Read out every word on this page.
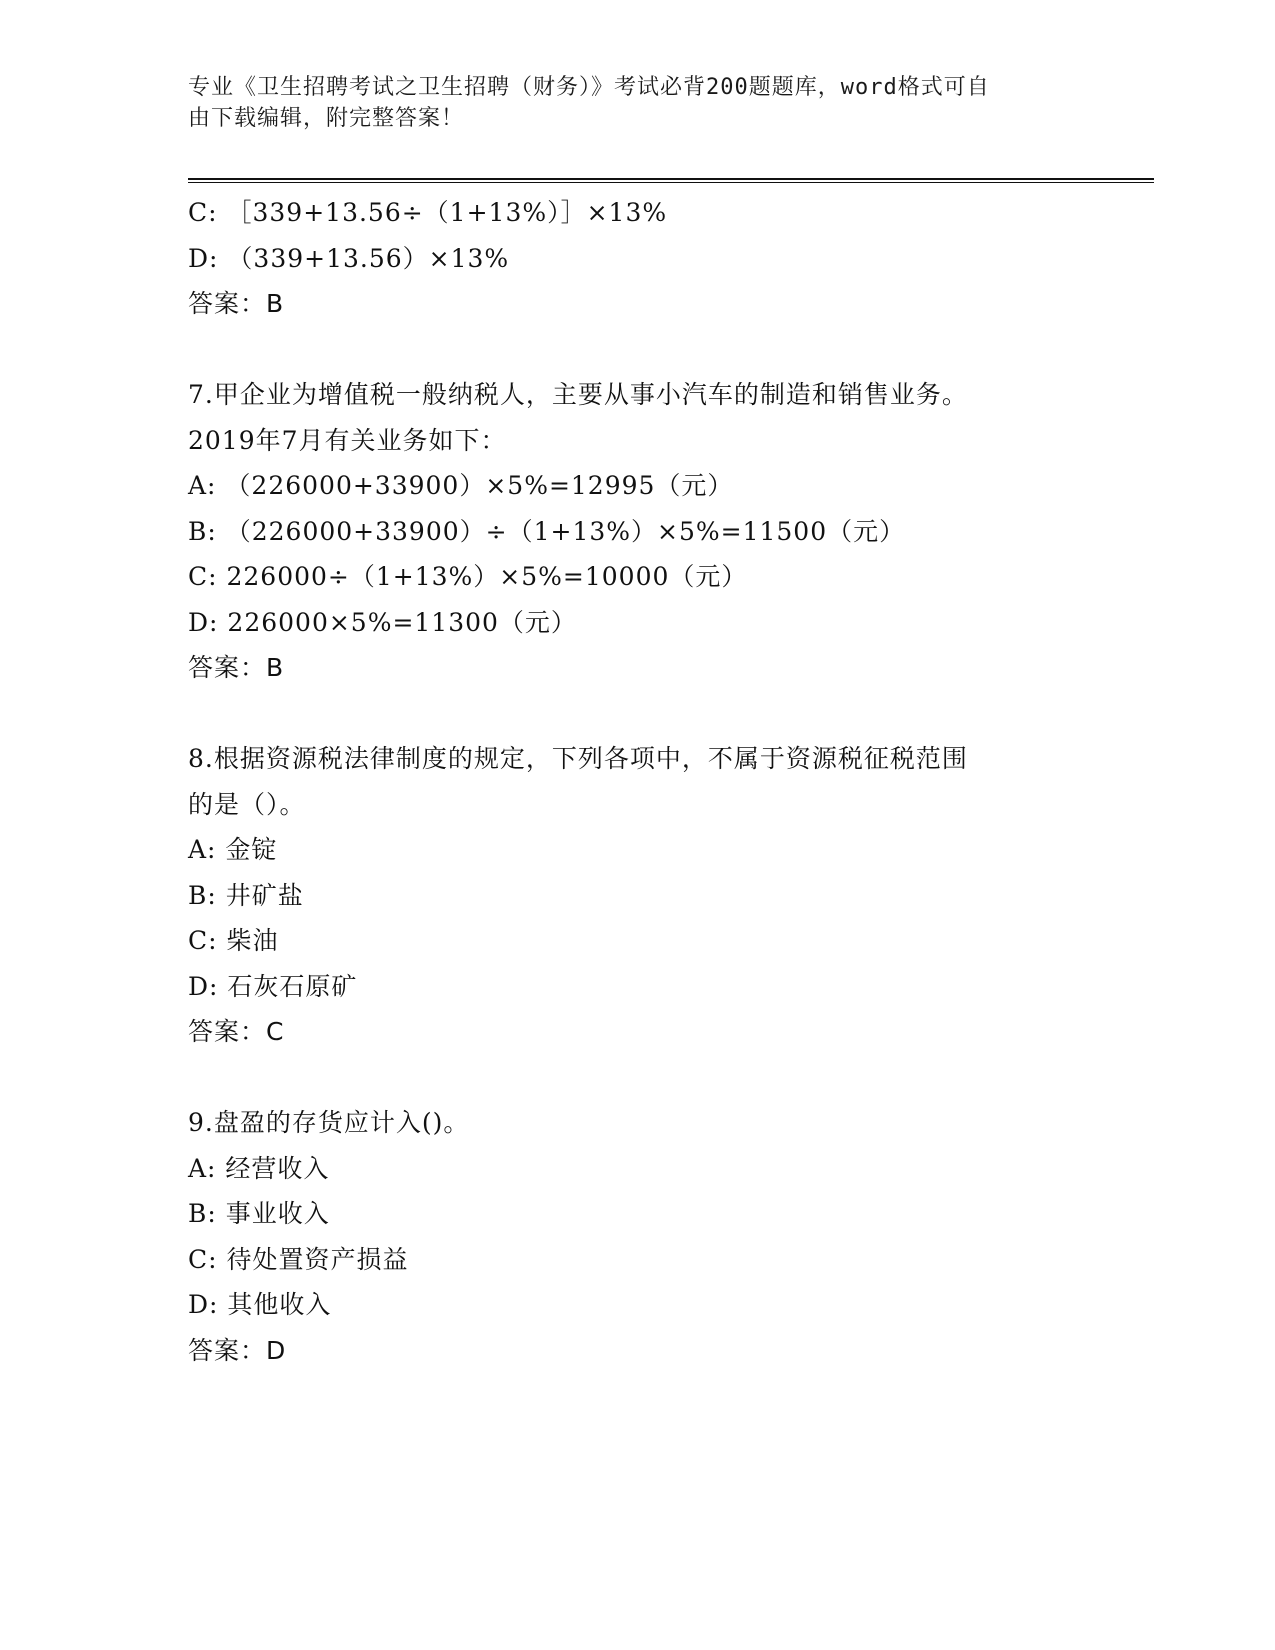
专业《卫生招聘考试之卫生招聘（财务）》考试必背200题题库，word格式可自
由下载编辑，附完整答案！
C: ［339+13.56÷（1+13%）］×13%
D: （339+13.56）×13%
答案：B
7.甲企业为增值税一般纳税人，主要从事小汽车的制造和销售业务。
2019年7月有关业务如下：
A: （226000+33900）×5%=12995（元）
B: （226000+33900）÷（1+13%）×5%=11500（元）
C: 226000÷（1+13%）×5%=10000（元）
D: 226000×5%=11300（元）
答案：B
8.根据资源税法律制度的规定，下列各项中，不属于资源税征税范围
的是（）。
A: 金锭
B: 井矿盐
C: 柴油
D: 石灰石原矿
答案：C
9.盘盈的存货应计入()。
A: 经营收入
B: 事业收入
C: 待处置资产损益
D: 其他收入
答案：D
